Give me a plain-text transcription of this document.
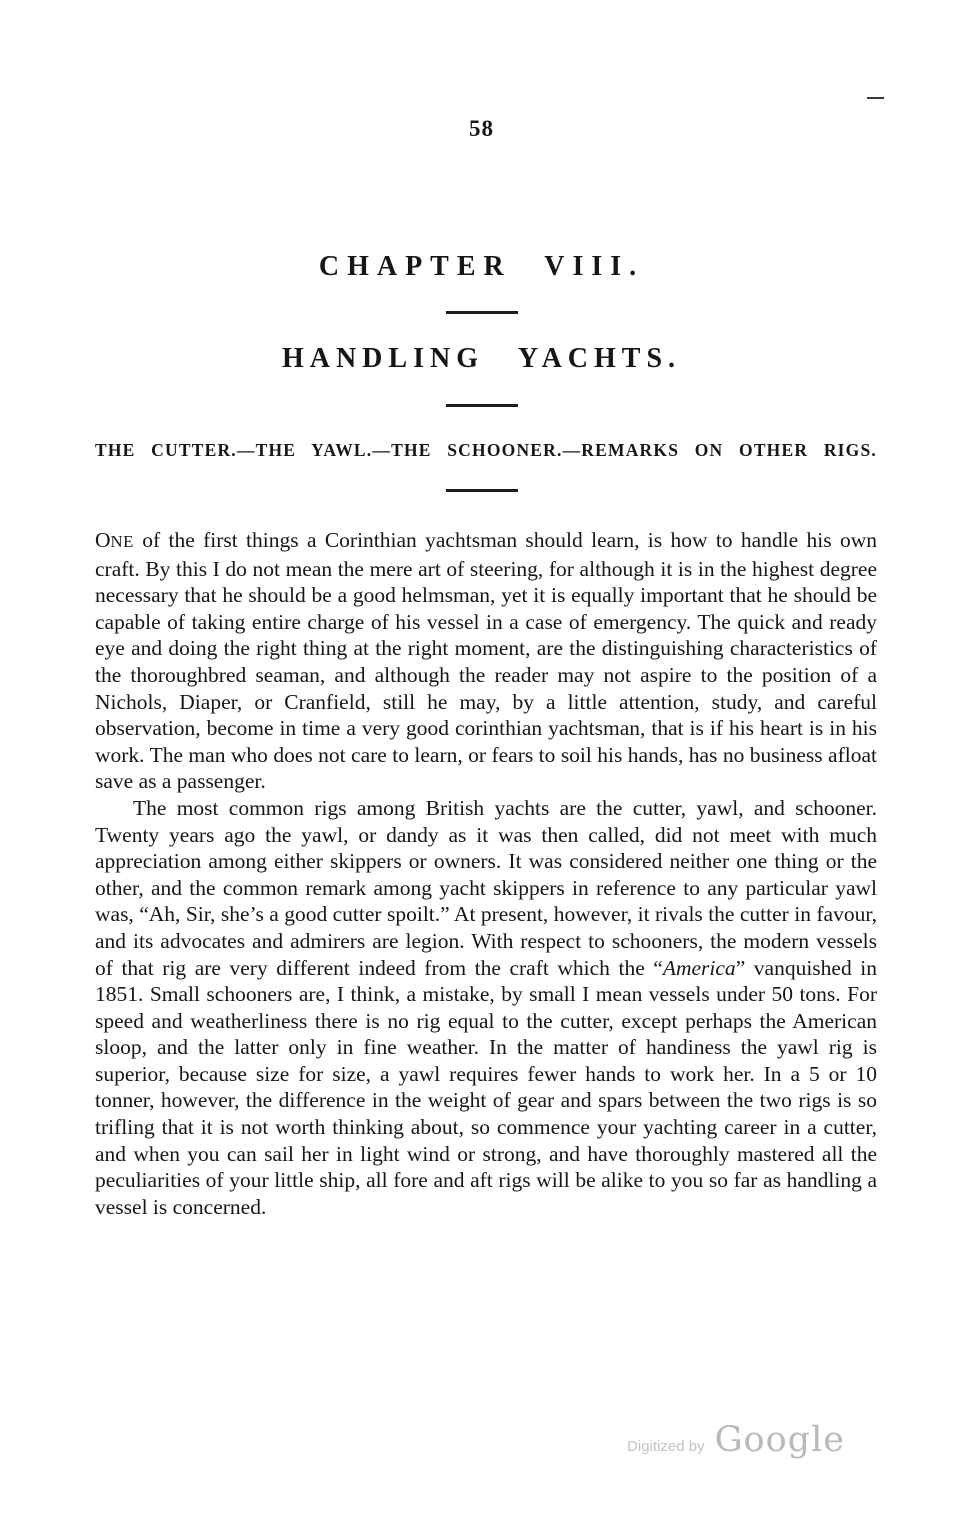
58
CHAPTER VIII.
HANDLING YACHTS.
THE CUTTER.—THE YAWL.—THE SCHOONER.—REMARKS ON OTHER RIGS.

ONE of the first things a Corinthian yachtsman should learn, is how to handle his own craft. By this I do not mean the mere art of steering, for although it is in the highest degree necessary that he should be a good helmsman, yet it is equally important that he should be capable of taking entire charge of his vessel in a case of emergency. The quick and ready eye and doing the right thing at the right moment, are the distinguishing characteristics of the thoroughbred seaman, and although the reader may not aspire to the position of a Nichols, Diaper, or Cranfield, still he may, by a little attention, study, and careful observation, become in time a very good corinthian yachtsman, that is if his heart is in his work. The man who does not care to learn, or fears to soil his hands, has no business afloat save as a passenger.

The most common rigs among British yachts are the cutter, yawl, and schooner. Twenty years ago the yawl, or dandy as it was then called, did not meet with much appreciation among either skippers or owners. It was considered neither one thing or the other, and the common remark among yacht skippers in reference to any particular yawl was, “Ah, Sir, she’s a good cutter spoilt.” At present, however, it rivals the cutter in favour, and its advocates and admirers are legion. With respect to schooners, the modern vessels of that rig are very different indeed from the craft which the “America” vanquished in 1851. Small schooners are, I think, a mistake, by small I mean vessels under 50 tons. For speed and weatherliness there is no rig equal to the cutter, except perhaps the American sloop, and the latter only in fine weather. In the matter of handiness the yawl rig is superior, because size for size, a yawl requires fewer hands to work her. In a 5 or 10 tonner, however, the difference in the weight of gear and spars between the two rigs is so trifling that it is not worth thinking about, so commence your yachting career in a cutter, and when you can sail her in light wind or strong, and have thoroughly mastered all the peculiarities of your little ship, all fore and aft rigs will be alike to you so far as handling a vessel is concerned.

Digitized by Google
